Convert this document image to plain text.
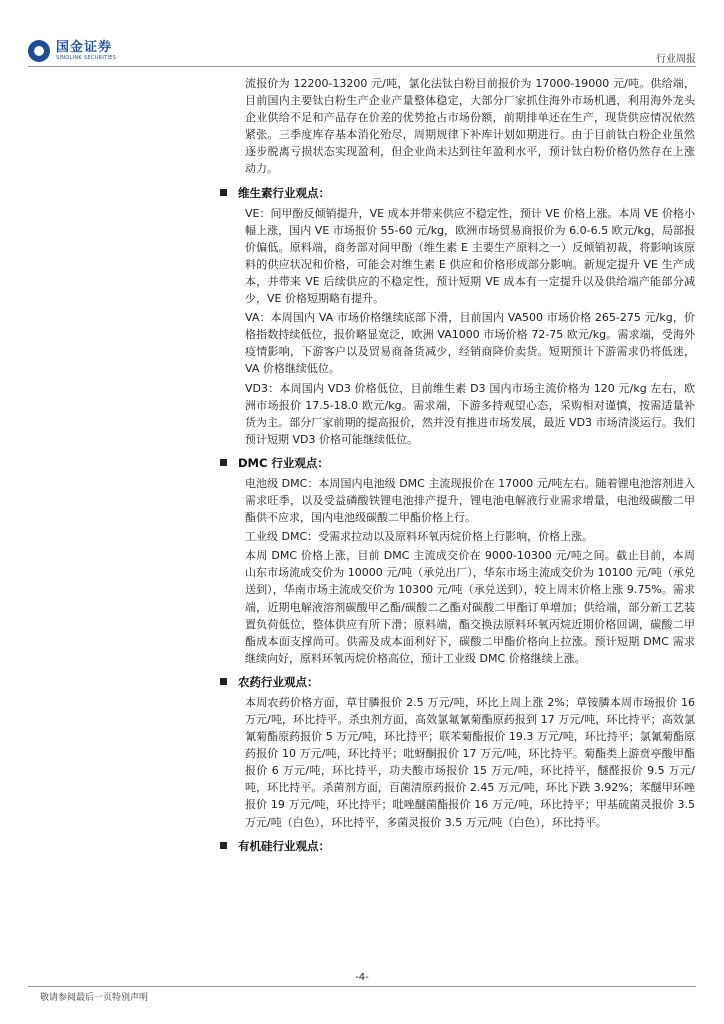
国金证券
SINOLINK SECURITIES	行业周报

流报价为 12200-13200 元/吨，氯化法钛白粉目前报价为 17000-19000 元/吨。供给端，目前国内主要钛白粉生产企业产量整体稳定，大部分厂家抓住海外市场机遇，利用海外龙头企业供给不足和产品存在价差的优势抢占市场份额，前期排单还在生产，现货供应情况依然紧张。三季度库存基本消化殆尽，周期规律下补库计划如期进行。由于目前钛白粉企业虽然逐步脱离亏损状态实现盈利，但企业尚未达到往年盈利水平，预计钛白粉价格仍然存在上涨动力。

维生素行业观点：

VE：间甲酚反倾销提升，VE 成本并带来供应不稳定性，预计 VE 价格上涨。本周 VE 价格小幅上涨，国内 VE 市场报价 55-60 元/kg，欧洲市场贸易商报价为 6.0-6.5 欧元/kg，局部报价偏低。原料端，商务部对间甲酚（维生素 E 主要生产原料之一）反倾销初裁，将影响该原料的供应状况和价格，可能会对维生素 E 供应和价格形成部分影响。新规定提升 VE 生产成本，并带来 VE 后续供应的不稳定性，预计短期 VE 成本有一定提升以及供给端产能部分减少，VE 价格短期略有提升。

VA：本周国内 VA 市场价格继续底部下滑，目前国内 VA500 市场价格 265-275 元/kg，价格指数持续低位，报价略显宽泛，欧洲 VA1000 市场价格 72-75 欧元/kg。需求端，受海外疫情影响，下游客户以及贸易商备货减少，经销商降价卖货。短期预计下游需求仍将低迷，VA 价格继续低位。

VD3：本周国内 VD3 价格低位，目前维生素 D3 国内市场主流价格为 120 元/kg 左右，欧洲市场报价 17.5-18.0 欧元/kg。需求端，下游多持观望心态，采购相对谨慎，按需适量补货为主。部分厂家前期的提高报价，然并没有推进市场发展，最近 VD3 市场清淡运行。我们预计短期 VD3 价格可能继续低位。

DMC 行业观点：

电池级 DMC：本周国内电池级 DMC 主流现报价在 17000 元/吨左右。随着锂电池溶剂进入需求旺季，以及受益磷酸铁锂电池排产提升，锂电池电解液行业需求增量，电池级碳酸二甲酯供不应求，国内电池级碳酸二甲酯价格上行。

工业级 DMC：受需求拉动以及原料环氧丙烷价格上行影响，价格上涨。

本周 DMC 价格上涨，目前 DMC 主流成交价在 9000-10300 元/吨之间。截止目前，本周山东市场流成交价为 10000 元/吨（承兑出厂），华东市场主流成交价为 10100 元/吨（承兑送到），华南市场主流成交价为 10300 元/吨（承兑送到），较上周末价格上涨 9.75%。需求端，近期电解液溶剂碳酸甲乙酯/碳酸二乙酯对碳酸二甲酯订单增加；供给端，部分新工艺装置负荷低位，整体供应有所下滑；原料端，酯交换法原料环氧丙烷近期价格回调，碳酸二甲酯成本面支撑尚可。供需及成本面利好下，碳酸二甲酯价格向上拉涨。预计短期 DMC 需求继续向好，原料环氧丙烷价格高位，预计工业级 DMC 价格继续上涨。

农药行业观点：

本周农药价格方面，草甘膦报价 2.5 万元/吨，环比上周上涨 2%；草铵膦本周市场报价 16 万元/吨，环比持平。杀虫剂方面，高效氯氟氰菊酯原药报到 17 万元/吨，环比持平；高效氯氰菊酯原药报价 5 万元/吨，环比持平；联苯菊酯报价 19.3 万元/吨，环比持平；氯氰菊酯原药报价 10 万元/吨，环比持平；吡蚜酮报价 17 万元/吨，环比持平。菊酯类上游贲亭酸甲酯报价 6 万元/吨，环比持平，功夫酸市场报价 15 万元/吨，环比持平，醚醛报价 9.5 万元/吨，环比持平。杀菌剂方面，百菌清原药报价 2.45 万元/吨，环比下跌 3.92%；苯醚甲环唑报价 19 万元/吨，环比持平；吡唑醚菌酯报价 16 万元/吨，环比持平；甲基硫菌灵报价 3.5 万元/吨（白色），环比持平，多菌灵报价 3.5 万元/吨（白色），环比持平。

有机硅行业观点：
-4-
敬请参阅最后一页特别声明
